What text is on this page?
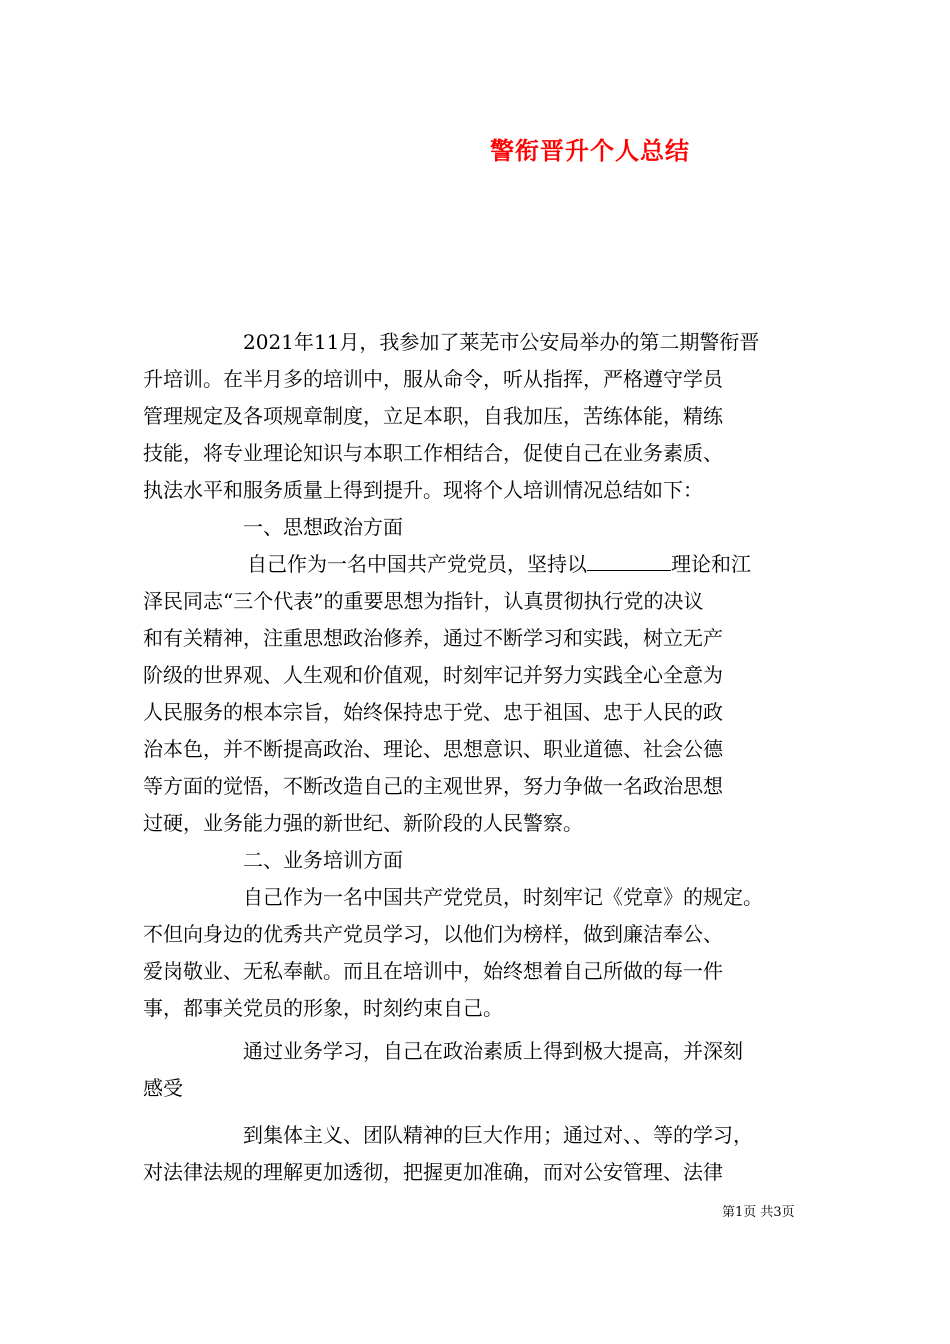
警衔晋升个人总结

2021年11月，我参加了莱芜市公安局举办的第二期警衔晋
升培训。在半月多的培训中，服从命令，听从指挥，严格遵守学员
管理规定及各项规章制度，立足本职，自我加压，苦练体能，精练
技能，将专业理论知识与本职工作相结合，促使自己在业务素质、
执法水平和服务质量上得到提升。现将个人培训情况总结如下：

一、思想政治方面

自己作为一名中国共产党党员，坚持以	理论和江
泽民同志“三个代表”的重要思想为指针，认真贯彻执行党的决议
和有关精神，注重思想政治修养，通过不断学习和实践，树立无产
阶级的世界观、人生观和价值观，时刻牢记并努力实践全心全意为
人民服务的根本宗旨，始终保持忠于党、忠于祖国、忠于人民的政
治本色，并不断提高政治、理论、思想意识、职业道德、社会公德
等方面的觉悟，不断改造自己的主观世界，努力争做一名政治思想
过硬，业务能力强的新世纪、新阶段的人民警察。

二、业务培训方面

自己作为一名中国共产党党员，时刻牢记《党章》的规定。
不但向身边的优秀共产党员学习，以他们为榜样，做到廉洁奉公、
爱岗敬业、无私奉献。而且在培训中，始终想着自己所做的每一件
事，都事关党员的形象，时刻约束自己。

通过业务学习，自己在政治素质上得到极大提高，并深刻
感受

到集体主义、团队精神的巨大作用；通过对、、等的学习，
对法律法规的理解更加透彻，把握更加准确，而对公安管理、法律

第1页 共3页
